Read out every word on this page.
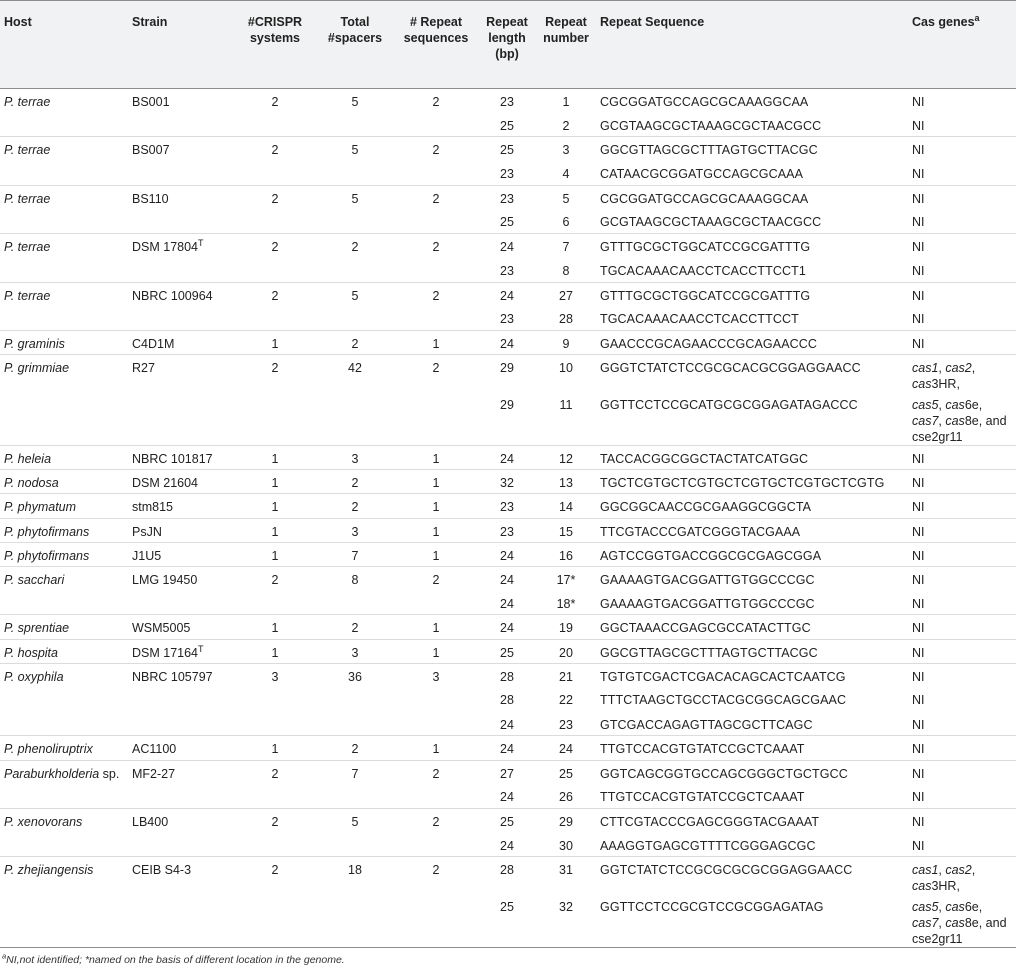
Host	Strain	#CRISPR systems	Total #spacers	# Repeat sequences	Repeat length (bp)	Repeat number	Repeat Sequence	Cas genes$^a$
P. terrae	BS001	2	5	2	23	1	CGCGGATGCCAGCGCAAAGGCAA	NI
					25	2	GCGTAAGCGCTAAAGCGCTAACGCC	NI
P. terrae	BS007	2	5	2	25	3	GGCGTTAGCGCTTTAGTGCTTACGC	NI
					23	4	CATAACGCGGATGCCAGCGCAAA	NI
P. terrae	BS110	2	5	2	23	5	CGCGGATGCCAGCGCAAAGGCAA	NI
					25	6	GCGTAAGCGCTAAAGCGCTAACGCC	NI
P. terrae	DSM $17804^T$	2	2	2	24	7	GTTTGCGCTGGCATCCGCGATTTG	NI
					23	8	TGCACAAACAACCTCACCTTCCT1	NI
P. terrae	NBRC 100964	2	5	2	24	27	GTTTGCGCTGGCATCCGCGATTTG	NI
					23	28	TGCACAAACAACCTCACCTTCCT	NI
P. graminis	C4D1M	1	2	1	24	9	GAACCCGCAGAACCCGCAGAACCC	NI
P. grimmiae	R27	2	42	2	29	10	GGGTCTATCTCCGCGCACGCGGAGGAACC	cas1, cas2, cas3HR,
					29	11	GGTTCCTCCGCATGCGCGGAGATAGACCC	cas5, cas6e, cas7, cas8e, and cse2gr11
P. heleia	NBRC 101817	1	3	1	24	12	TACCACGGCGGCTACTATCATGGC	NI
P. nodosa	DSM 21604	1	2	1	32	13	TGCTCGTGCTCGTGCTCGTGCTCGTGCTCGTG	NI
P. phymatum	stm815	1	2	1	23	14	GGCGGCAACCGCGAAGGCGGCTA	NI
P. phytofirmans	PsJN	1	3	1	23	15	TTCGTACCCGATCGGGTACGAAA	NI
P. phytofirmans	J1U5	1	7	1	24	16	AGTCCGGTGACCGGCGCGAGCGGA	NI
P. sacchari	LMG 19450	2	8	2	24	17*	GAAAAGTGACGGATTGTGGCCCGC	NI
					24	18*	GAAAAGTGACGGATTGTGGCCCGC	NI
P. sprentiae	WSM5005	1	2	1	24	19	GGCTAAACCGAGCGCCATACTTGC	NI
P. hospita	DSM $17164^T$	1	3	1	25	20	GGCGTTAGCGCTTTAGTGCTTACGC	NI
P. oxyphila	NBRC 105797	3	36	3	28	21	TGTGTCGACTCGACACAGCACTCAATCG	NI
					28	22	TTTCTAAGCTGCCTACGCGGCAGCGAAC	NI
					24	23	GTCGACCAGAGTTAGCGCTTCAGC	NI
P. phenoliruptrix	AC1100	1	2	1	24	24	TTGTCCACGTGTATCCGCTCAAAT	NI
Paraburkholderia sp.	MF2-27	2	7	2	27	25	GGTCAGCGGTGCCAGCGGGCTGCTGCC	NI
					24	26	TTGTCCACGTGTATCCGCTCAAAT	NI
P. xenovorans	LB400	2	5	2	25	29	CTTCGTACCCGAGCGGGTACGAAAT	NI
					24	30	AAAGGTGAGCGTTTTCGGGAGCGC	NI
P. zhejiangensis	CEIB S4-3	2	18	2	28	31	GGTCTATCTCCGCGCGCGCGGAGGAACC	cas1, cas2, cas3HR,
					25	32	GGTTCCTCCGCGTCCGCGGAGATAG	cas5, cas6e, cas7, cas8e, and cse2gr11
$^a$NI,not identified; *named on the basis of different location in the genome.
